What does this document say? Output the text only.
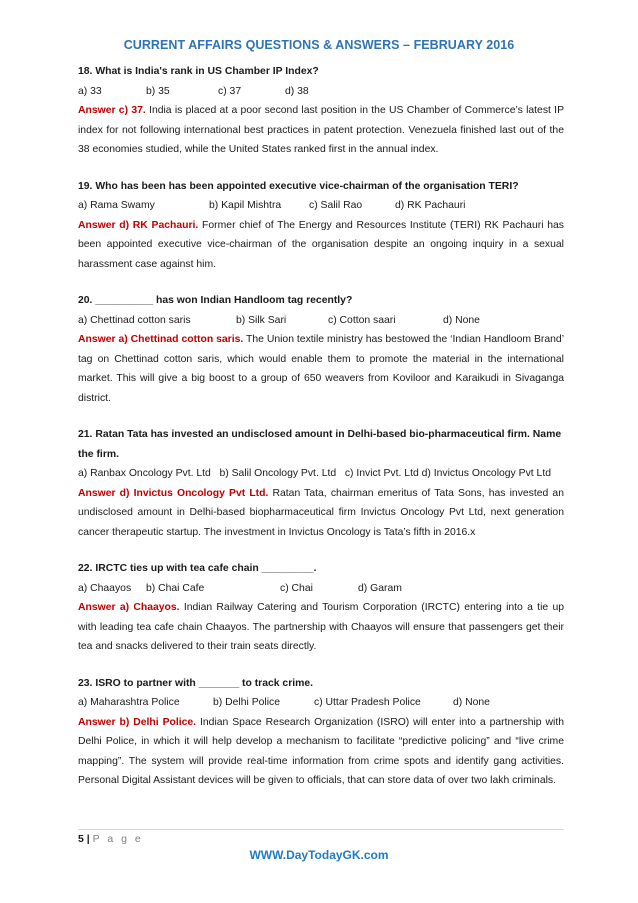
CURRENT AFFAIRS QUESTIONS & ANSWERS – FEBRUARY 2016
18. What is India's rank in US Chamber IP Index?
a) 33	b) 35	c) 37	d) 38
Answer c) 37. India is placed at a poor second last position in the US Chamber of Commerce’s latest IP index for not following international best practices in patent protection. Venezuela finished last out of the 38 economies studied, while the United States ranked first in the annual index.
19. Who has been has been appointed executive vice-chairman of the organisation TERI?
a) Rama Swamy	b) Kapil Mishtra	c) Salil Rao	d) RK Pachauri
Answer d) RK Pachauri. Former chief of The Energy and Resources Institute (TERI) RK Pachauri has been appointed executive vice-chairman of the organisation despite an ongoing inquiry in a sexual harassment case against him.
20. __________ has won Indian Handloom tag recently?
a) Chettinad cotton saris	b) Silk Sari	c) Cotton saari	d) None
Answer a) Chettinad cotton saris. The Union textile ministry has bestowed the ‘Indian Handloom Brand’ tag on Chettinad cotton saris, which would enable them to promote the material in the international market. This will give a big boost to a group of 650 weavers from Koviloor and Karaikudi in Sivaganga district.
21. Ratan Tata has invested an undisclosed amount in Delhi-based bio-pharmaceutical firm. Name the firm.
a) Ranbax Oncology Pvt. Ltd   b) Salil Oncology Pvt. Ltd   c) Invict Pvt. Ltd d) Invictus Oncology Pvt Ltd
Answer d) Invictus Oncology Pvt Ltd. Ratan Tata, chairman emeritus of Tata Sons, has invested an undisclosed amount in Delhi-based biopharmaceutical firm Invictus Oncology Pvt Ltd, next generation cancer therapeutic startup. The investment in Invictus Oncology is Tata’s fifth in 2016.x
22. IRCTC ties up with tea cafe chain _________.
a) Chaayos b) Chai Cafe	c) Chai	d) Garam
Answer a) Chaayos. Indian Railway Catering and Tourism Corporation (IRCTC) entering into a tie up with leading tea cafe chain Chaayos. The partnership with Chaayos will ensure that passengers get their tea and snacks delivered to their train seats directly.
23. ISRO to partner with _______ to track crime.
a) Maharashtra Police	b) Delhi Police	c) Uttar Pradesh Police	d) None
Answer b) Delhi Police. Indian Space Research Organization (ISRO) will enter into a partnership with Delhi Police, in which it will help develop a mechanism to facilitate “predictive policing” and “live crime mapping”. The system will provide real-time information from crime spots and identify gang activities. Personal Digital Assistant devices will be given to officials, that can store data of over two lakh criminals.
5 | P a g e
WWW.DayTodayGK.com
